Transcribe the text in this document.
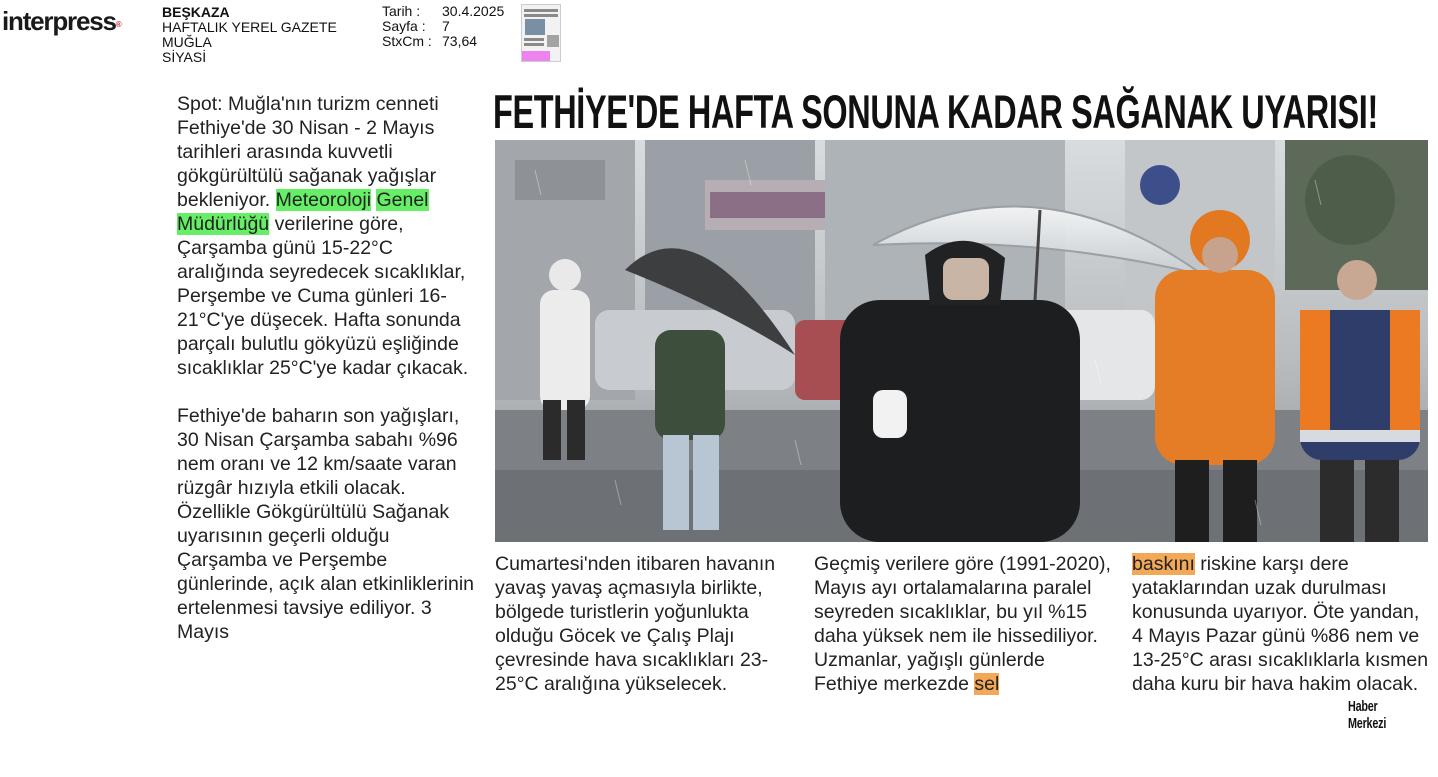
interpress®
BEŞKAZA
HAFTALIK YEREL GAZETE
MUĞLA
SİYASİ
Tarih :	30.4.2025
Sayfa :	7
StxCm : 73,64
Spot: Muğla'nın turizm cenneti Fethiye'de 30 Nisan - 2 Mayıs tarihleri arasında kuvvetli gökgürültülü sağanak yağışlar bekleniyor. Meteoroloji Genel Müdürlüğü verilerine göre, Çarşamba günü 15-22°C aralığında seyredecek sıcaklıklar, Perşembe ve Cuma günleri 16-21°C'ye düşecek. Hafta sonunda parçalı bulutlu gökyüzü eşliğinde sıcaklıklar 25°C'ye kadar çıkacak.
Fethiye'de baharın son yağışları, 30 Nisan Çarşamba sabahı %96 nem oranı ve 12 km/saate varan rüzgâr hızıyla etkili olacak. Özellikle Gökgürültülü Sağanak uyarısının geçerli olduğu Çarşamba ve Perşembe günlerinde, açık alan etkinliklerinin ertelenmesi tavsiye ediliyor. 3 Mayıs
FETHİYE'DE HAFTA SONUNA KADAR SAĞANAK UYARISI!
Cumartesi'nden itibaren havanın yavaş yavaş açmasıyla birlikte, bölgede turistlerin yoğunlukta olduğu Göcek ve Çalış Plajı çevresinde hava sıcaklıkları 23-25°C aralığına yükselecek.
Geçmiş verilere göre (1991-2020), Mayıs ayı ortalamalarına paralel seyreden sıcaklıklar, bu yıl %15 daha yüksek nem ile hissediliyor. Uzmanlar, yağışlı günlerde Fethiye merkezde sel
baskını riskine karşı dere yataklarından uzak durulması konusunda uyarıyor. Öte yandan, 4 Mayıs Pazar günü %86 nem ve 13-25°C arası sıcaklıklarla kısmen daha kuru bir hava hakim olacak.
Haber Merkezi
